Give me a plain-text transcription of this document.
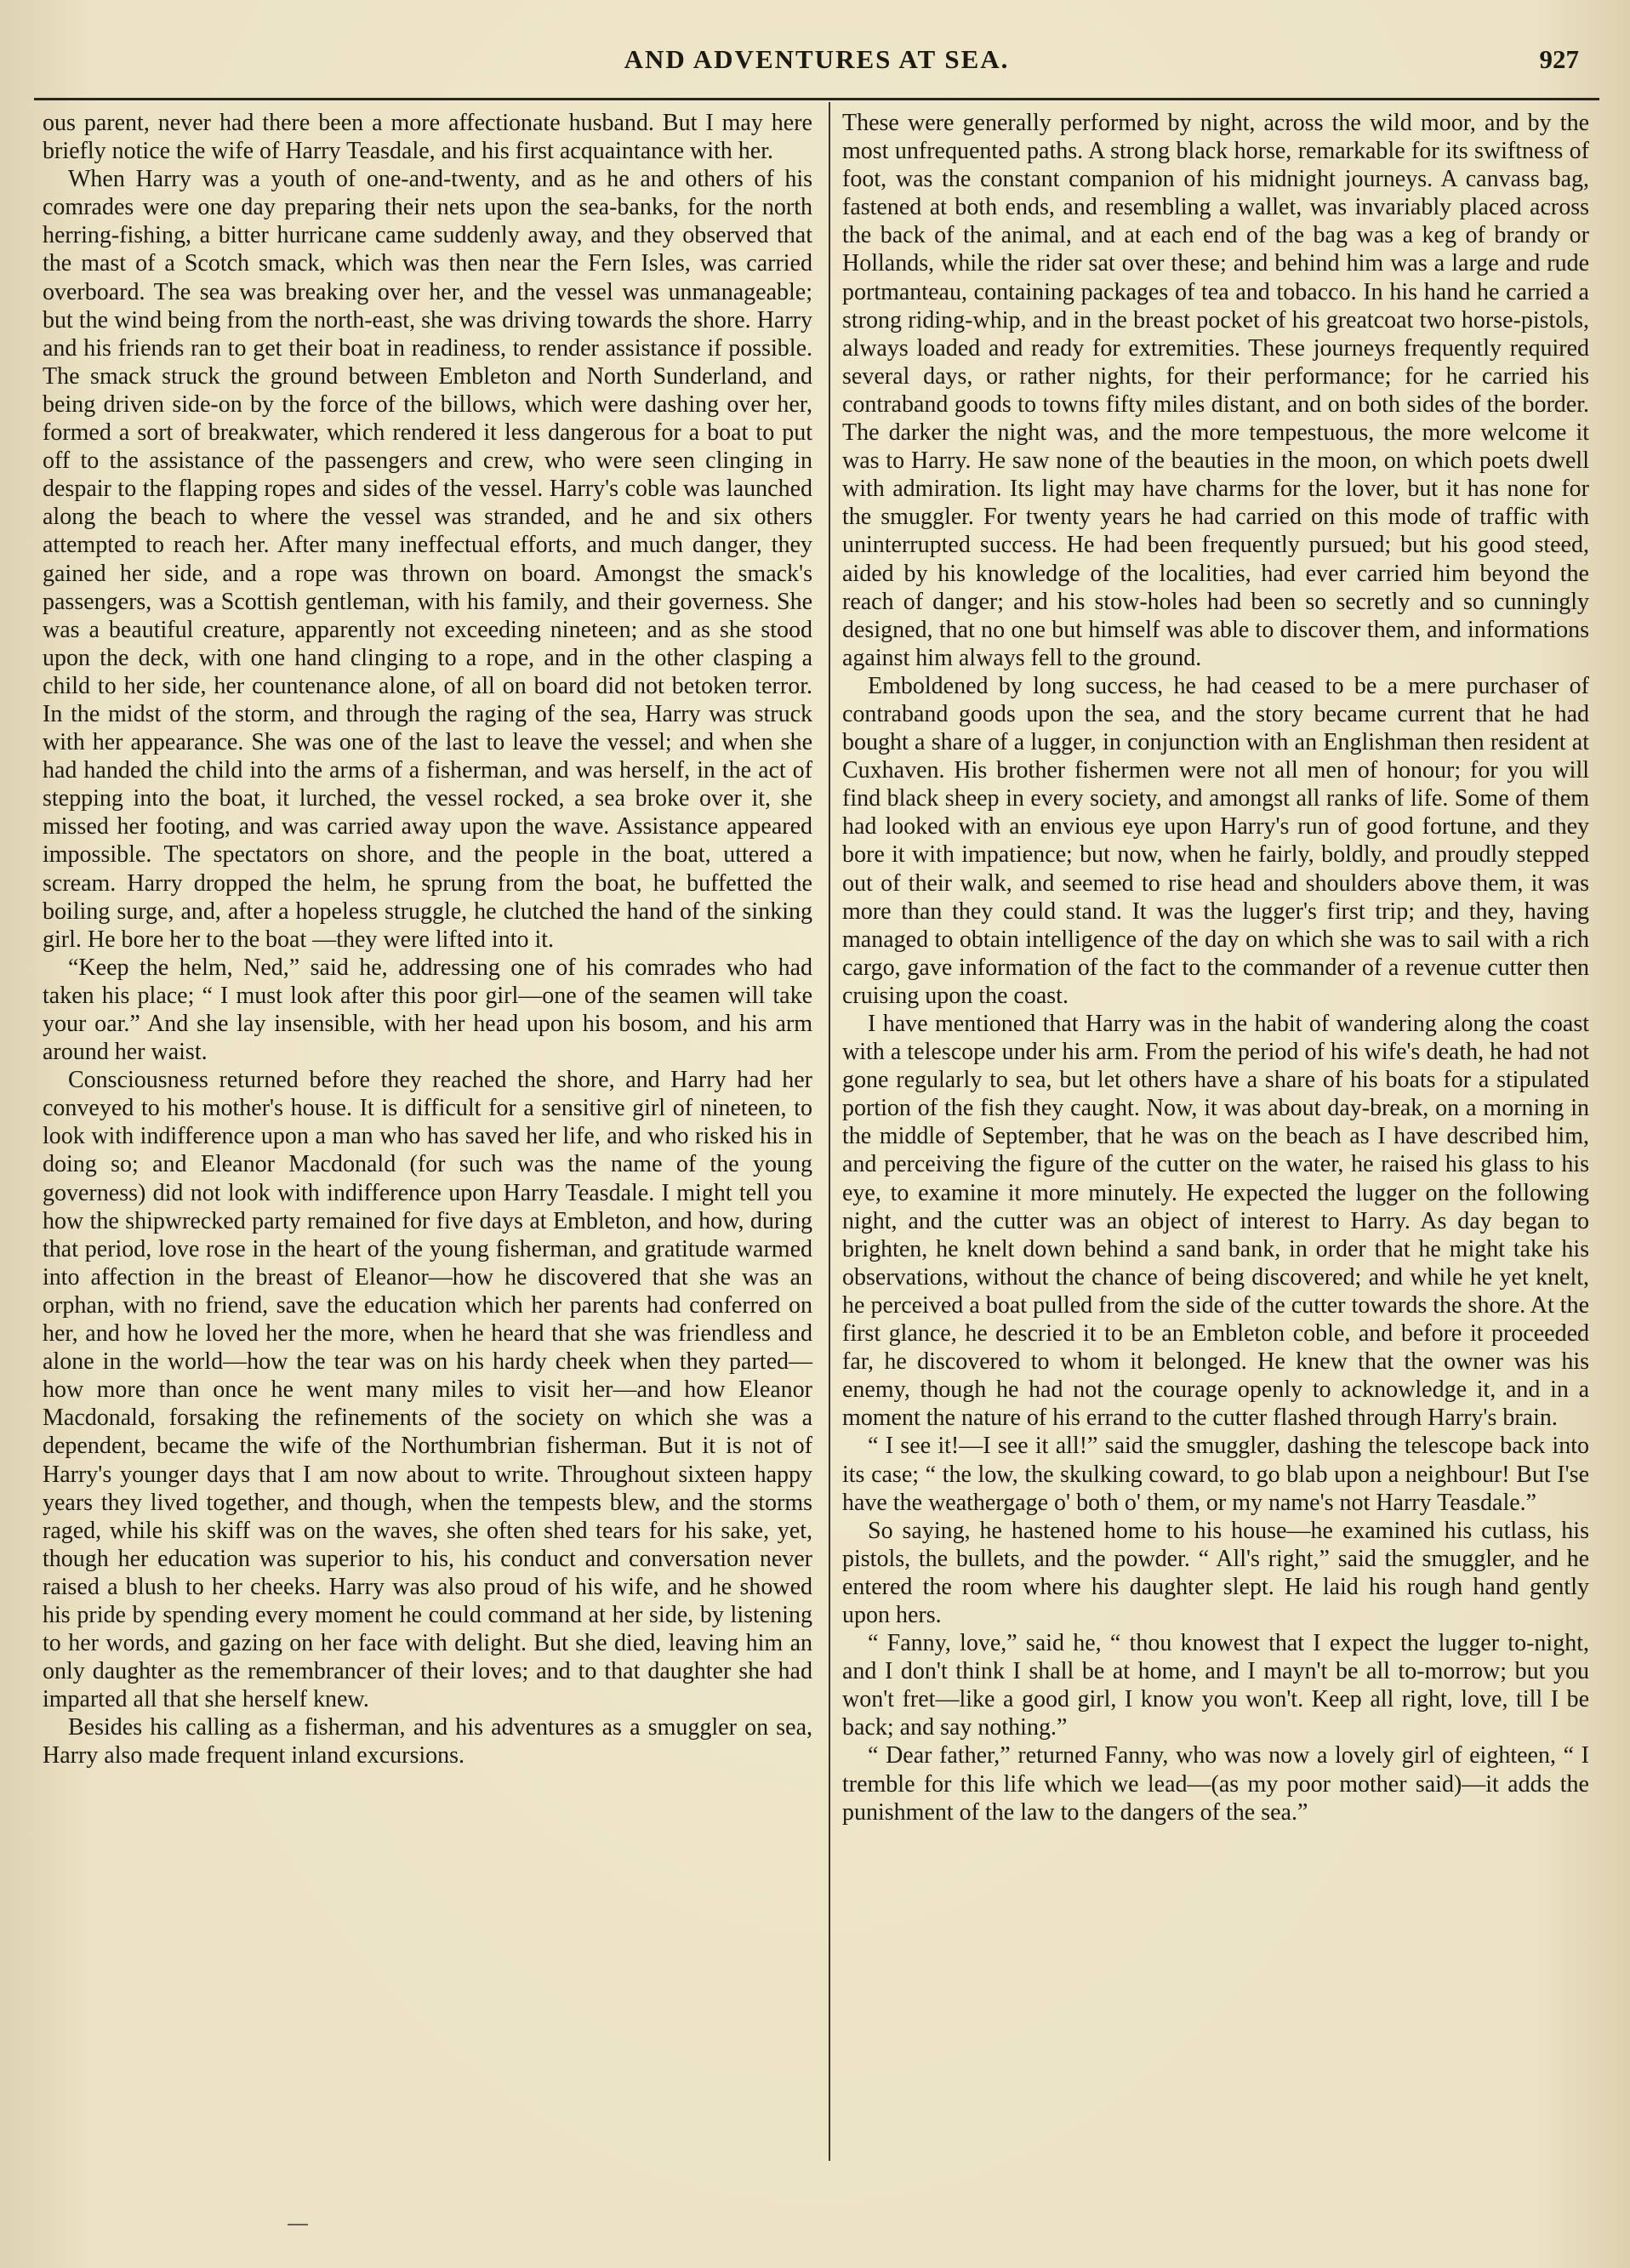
AND ADVENTURES AT SEA.	927

ous parent, never had there been a more affectionate husband. But I may here briefly notice the wife of Harry Teasdale, and his first acquaintance with her.

When Harry was a youth of one-and-twenty, and as he and others of his comrades were one day preparing their nets upon the sea-banks, for the north herring-fishing, a bitter hurricane came suddenly away, and they observed that the mast of a Scotch smack, which was then near the Fern Isles, was carried overboard. The sea was breaking over her, and the vessel was unmanageable; but the wind being from the north-east, she was driving towards the shore. Harry and his friends ran to get their boat in readiness, to render assistance if possible. The smack struck the ground between Embleton and North Sunderland, and being driven side-on by the force of the billows, which were dashing over her, formed a sort of breakwater, which rendered it less dangerous for a boat to put off to the assistance of the passengers and crew, who were seen clinging in despair to the flapping ropes and sides of the vessel. Harry's coble was launched along the beach to where the vessel was stranded, and he and six others attempted to reach her. After many ineffectual efforts, and much danger, they gained her side, and a rope was thrown on board. Amongst the smack's passengers, was a Scottish gentleman, with his family, and their governess. She was a beautiful creature, apparently not exceeding nineteen; and as she stood upon the deck, with one hand clinging to a rope, and in the other clasping a child to her side, her countenance alone, of all on board did not betoken terror. In the midst of the storm, and through the raging of the sea, Harry was struck with her appearance. She was one of the last to leave the vessel; and when she had handed the child into the arms of a fisherman, and was herself, in the act of stepping into the boat, it lurched, the vessel rocked, a sea broke over it, she missed her footing, and was carried away upon the wave. Assistance appeared impossible. The spectators on shore, and the people in the boat, uttered a scream. Harry dropped the helm, he sprung from the boat, he buffetted the boiling surge, and, after a hopeless struggle, he clutched the hand of the sinking girl. He bore her to the boat —they were lifted into it.

“Keep the helm, Ned,” said he, addressing one of his comrades who had taken his place; “ I must look after this poor girl—one of the seamen will take your oar.” And she lay insensible, with her head upon his bosom, and his arm around her waist.

Consciousness returned before they reached the shore, and Harry had her conveyed to his mother's house. It is difficult for a sensitive girl of nineteen, to look with indifference upon a man who has saved her life, and who risked his in doing so; and Eleanor Macdonald (for such was the name of the young governess) did not look with indifference upon Harry Teasdale. I might tell you how the shipwrecked party remained for five days at Embleton, and how, during that period, love rose in the heart of the young fisherman, and gratitude warmed into affection in the breast of Eleanor—how he discovered that she was an orphan, with no friend, save the education which her parents had conferred on her, and how he loved her the more, when he heard that she was friendless and alone in the world—how the tear was on his hardy cheek when they parted—how more than once he went many miles to visit her—and how Eleanor Macdonald, forsaking the refinements of the society on which she was a dependent, became the wife of the Northumbrian fisherman. But it is not of Harry's younger days that I am now about to write. Throughout sixteen happy years they lived together, and though, when the tempests blew, and the storms raged, while his skiff was on the waves, she often shed tears for his sake, yet, though her education was superior to his, his conduct and conversation never raised a blush to her cheeks. Harry was also proud of his wife, and he showed his pride by spending every moment he could command at her side, by listening to her words, and gazing on her face with delight. But she died, leaving him an only daughter as the remembrancer of their loves; and to that daughter she had imparted all that she herself knew.

Besides his calling as a fisherman, and his adventures as a smuggler on sea, Harry also made frequent inland excursions.

These were generally performed by night, across the wild moor, and by the most unfrequented paths. A strong black horse, remarkable for its swiftness of foot, was the constant companion of his midnight journeys. A canvass bag, fastened at both ends, and resembling a wallet, was invariably placed across the back of the animal, and at each end of the bag was a keg of brandy or Hollands, while the rider sat over these; and behind him was a large and rude portmanteau, containing packages of tea and tobacco. In his hand he carried a strong riding-whip, and in the breast pocket of his greatcoat two horse-pistols, always loaded and ready for extremities. These journeys frequently required several days, or rather nights, for their performance; for he carried his contraband goods to towns fifty miles distant, and on both sides of the border. The darker the night was, and the more tempestuous, the more welcome it was to Harry. He saw none of the beauties in the moon, on which poets dwell with admiration. Its light may have charms for the lover, but it has none for the smuggler. For twenty years he had carried on this mode of traffic with uninterrupted success. He had been frequently pursued; but his good steed, aided by his knowledge of the localities, had ever carried him beyond the reach of danger; and his stow-holes had been so secretly and so cunningly designed, that no one but himself was able to discover them, and informations against him always fell to the ground.

Emboldened by long success, he had ceased to be a mere purchaser of contraband goods upon the sea, and the story became current that he had bought a share of a lugger, in conjunction with an Englishman then resident at Cuxhaven. His brother fishermen were not all men of honour; for you will find black sheep in every society, and amongst all ranks of life. Some of them had looked with an envious eye upon Harry's run of good fortune, and they bore it with impatience; but now, when he fairly, boldly, and proudly stepped out of their walk, and seemed to rise head and shoulders above them, it was more than they could stand. It was the lugger's first trip; and they, having managed to obtain intelligence of the day on which she was to sail with a rich cargo, gave information of the fact to the commander of a revenue cutter then cruising upon the coast.

I have mentioned that Harry was in the habit of wandering along the coast with a telescope under his arm. From the period of his wife's death, he had not gone regularly to sea, but let others have a share of his boats for a stipulated portion of the fish they caught. Now, it was about day-break, on a morning in the middle of September, that he was on the beach as I have described him, and perceiving the figure of the cutter on the water, he raised his glass to his eye, to examine it more minutely. He expected the lugger on the following night, and the cutter was an object of interest to Harry. As day began to brighten, he knelt down behind a sand bank, in order that he might take his observations, without the chance of being discovered; and while he yet knelt, he perceived a boat pulled from the side of the cutter towards the shore. At the first glance, he descried it to be an Embleton coble, and before it proceeded far, he discovered to whom it belonged. He knew that the owner was his enemy, though he had not the courage openly to acknowledge it, and in a moment the nature of his errand to the cutter flashed through Harry's brain.

“ I see it!—I see it all!” said the smuggler, dashing the telescope back into its case; “ the low, the skulking coward, to go blab upon a neighbour! But I'se have the weathergage o' both o' them, or my name's not Harry Teasdale.”

So saying, he hastened home to his house—he examined his cutlass, his pistols, the bullets, and the powder. “ All's right,” said the smuggler, and he entered the room where his daughter slept. He laid his rough hand gently upon hers.

“ Fanny, love,” said he, “ thou knowest that I expect the lugger to-night, and I don't think I shall be at home, and I mayn't be all to-morrow; but you won't fret—like a good girl, I know you won't. Keep all right, love, till I be back; and say nothing.”

“ Dear father,” returned Fanny, who was now a lovely girl of eighteen, “ I tremble for this life which we lead—(as my poor mother said)—it adds the punishment of the law to the dangers of the sea.”
